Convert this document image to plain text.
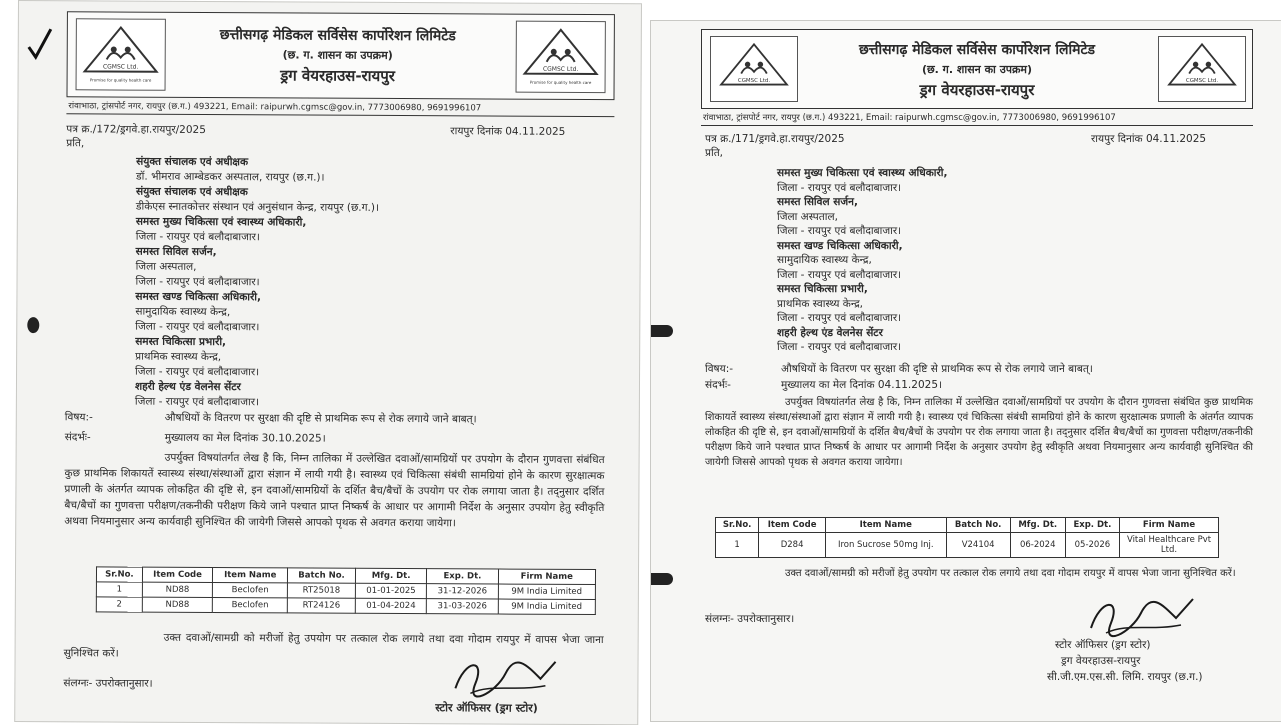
CGMSC Ltd.
Promise for quality health care
छत्तीसगढ़ मेडिकल सर्विसेस कार्पोरेशन लिमिटेड
(छ. ग. शासन का उपक्रम)
ड्रग वेयरहाउस-रायपुर	CGMSC Ltd.
Promise for quality health care
रांवाभाठा, ट्रांसपोर्ट नगर, रायपुर (छ.ग.) 493221, Email: raipurwh.cgmsc@gov.in, 7773006980, 9691996107
पत्र क्र./172/ड्रगवे.हा.रायपुर/2025	रायपुर दिनांक 04.11.2025
प्रति,
संयुक्त संचालक एवं अधीक्षक
डॉ. भीमराव आम्बेडकर अस्पताल, रायपुर (छ.ग.)।
संयुक्त संचालक एवं अधीक्षक
डीकेएस स्नातकोत्तर संस्थान एवं अनुसंधान केन्द्र, रायपुर (छ.ग.)।
समस्त मुख्य चिकित्सा एवं स्वास्थ्य अधिकारी,
जिला - रायपुर एवं बलौदाबाजार।
समस्त सिविल सर्जन,
जिला अस्पताल,
जिला - रायपुर एवं बलौदाबाजार।
समस्त खण्ड चिकित्सा अधिकारी,
सामुदायिक स्वास्थ्य केन्द्र,
जिला - रायपुर एवं बलौदाबाजार।
समस्त चिकित्सा प्रभारी,
प्राथमिक स्वास्थ्य केन्द्र,
जिला - रायपुर एवं बलौदाबाजार।
शहरी हेल्थ एंड वेलनेस सेंटर
जिला - रायपुर एवं बलौदाबाजार।
विषय:-	औषधियों के वितरण पर सुरक्षा की दृष्टि से प्राथमिक रूप से रोक लगाये जाने बाबत्।
संदर्भः-	मुख्यालय का मेल दिनांक 30.10.2025।
उपर्युक्त विषयांतर्गत लेख है कि, निम्न तालिका में उल्लेखित दवाओं/सामग्रियों पर उपयोग के दौरान गुणवत्ता संबंधित कुछ प्राथमिक शिकायतें स्वास्थ्य संस्था/संस्थाओं द्वारा संज्ञान में लायी गयी है। स्वास्थ्य एवं चिकित्सा संबंधी सामग्रियां होने के कारण सुरक्षात्मक प्रणाली के अंतर्गत व्यापक लोकहित की दृष्टि से, इन दवाओं/सामग्रियों के दर्शित बैच/बैचों के उपयोग पर रोक लगाया जाता है। तद्नुसार दर्शित बैच/बैचों का गुणवत्ता परीक्षण/तकनीकी परीक्षण किये जाने पश्चात प्राप्त निष्कर्ष के आधार पर आगामी निर्देश के अनुसार उपयोग हेतु स्वीकृति अथवा नियमानुसार अन्य कार्यवाही सुनिश्चित की जायेगी जिससे आपको पृथक से अवगत कराया जायेगा।
Sr.No.	Item Code	Item Name	Batch No.	Mfg. Dt.	Exp. Dt.	Firm Name
1	ND88	Beclofen	RT25018	01-01-2025	31-12-2026	9M India Limited
2	ND88	Beclofen	RT24126	01-04-2024	31-03-2026	9M India Limited
उक्त दवाओं/सामग्री को मरीजों हेतु उपयोग पर तत्काल रोक लगाये तथा दवा गोदाम रायपुर में वापस भेजा जाना सुनिश्चित करें।
संलग्नः- उपरोक्तानुसार।
स्टोर ऑफिसर (ड्रग स्टोर)
CGMSC Ltd.
छत्तीसगढ़ मेडिकल सर्विसेस कार्पोरेशन लिमिटेड
(छ. ग. शासन का उपक्रम)
ड्रग वेयरहाउस-रायपुर
CGMSC Ltd.
रांवाभाठा, ट्रांसपोर्ट नगर, रायपुर (छ.ग.) 493221, Email: raipurwh.cgmsc@gov.in, 7773006980, 9691996107
पत्र क्र./171/ड्रगवे.हा.रायपुर/2025	रायपुर दिनांक 04.11.2025
प्रति,
समस्त मुख्य चिकित्सा एवं स्वास्थ्य अधिकारी,
जिला - रायपुर एवं बलौदाबाजार।
समस्त सिविल सर्जन,
जिला अस्पताल,
जिला - रायपुर एवं बलौदाबाजार।
समस्त खण्ड चिकित्सा अधिकारी,
सामुदायिक स्वास्थ्य केन्द्र,
जिला - रायपुर एवं बलौदाबाजार।
समस्त चिकित्सा प्रभारी,
प्राथमिक स्वास्थ्य केन्द्र,
जिला - रायपुर एवं बलौदाबाजार।
शहरी हेल्थ एंड वेलनेस सेंटर
जिला - रायपुर एवं बलौदाबाजार।
विषय:-	औषधियों के वितरण पर सुरक्षा की दृष्टि से प्राथमिक रूप से रोक लगाये जाने बाबत्।
संदर्भः-	मुख्यालय का मेल दिनांक 04.11.2025।
उपर्युक्त विषयांतर्गत लेख है कि, निम्न तालिका में उल्लेखित दवाओं/सामग्रियों पर उपयोग के दौरान गुणवत्ता संबंधित कुछ प्राथमिक शिकायतें स्वास्थ्य संस्था/संस्थाओं द्वारा संज्ञान में लायी गयी है। स्वास्थ्य एवं चिकित्सा संबंधी सामग्रियां होने के कारण सुरक्षात्मक प्रणाली के अंतर्गत व्यापक लोकहित की दृष्टि से, इन दवाओं/सामग्रियों के दर्शित बैच/बैचों के उपयोग पर रोक लगाया जाता है। तद्नुसार दर्शित बैच/बैचों का गुणवत्ता परीक्षण/तकनीकी परीक्षण किये जाने पश्चात प्राप्त निष्कर्ष के आधार पर आगामी निर्देश के अनुसार उपयोग हेतु स्वीकृति अथवा नियमानुसार अन्य कार्यवाही सुनिश्चित की जायेगी जिससे आपको पृथक से अवगत कराया जायेगा।
Sr.No.	Item Code	Item Name	Batch No.	Mfg. Dt.	Exp. Dt.	Firm Name
1	D284	Iron Sucrose 50mg Inj.	V24104	06-2024	05-2026	Vital Healthcare Pvt Ltd.
उक्त दवाओं/सामग्री को मरीजों हेतु उपयोग पर तत्काल रोक लगाये तथा दवा गोदाम रायपुर में वापस भेजा जाना सुनिश्चित करें।
संलग्नः- उपरोक्तानुसार।
स्टोर ऑफिसर (ड्रग स्टोर)
ड्रग वेयरहाउस-रायपुर
सी.जी.एम.एस.सी. लिमि. रायपुर (छ.ग.)
